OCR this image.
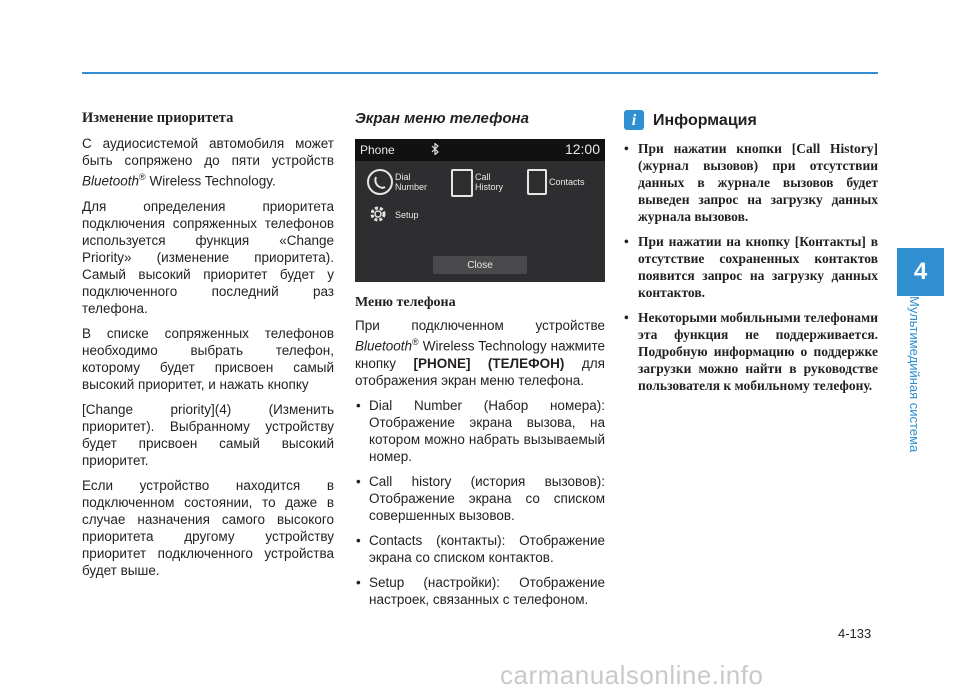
4
Мультимедийная система
Изменение приоритета

С аудиосистемой автомобиля может быть сопряжено до пяти устройств Bluetooth® Wireless Technology.

Для определения приоритета подключения сопряженных телефонов используется функция «Change Priority» (изменение приоритета). Самый высокий приоритет будет у подключенного последний раз телефона.

В списке сопряженных телефонов необходимо выбрать телефон, которому будет присвоен самый высокий приоритет, и нажать кнопку

[Change priority](4) (Изменить приоритет). Выбранному устройству будет присвоен самый высокий приоритет.

Если устройство находится в подключенном состоянии, то даже в случае назначения самого высокого приоритета другому устройству приоритет подключенного устройства будет выше.

Экран меню телефона
Phone	12:00
Dial
Number
Call
History	Contacts
Setup
Close
Меню телефона

При подключенном устройстве Bluetooth® Wireless Technology нажмите кнопку [PHONE] (ТЕЛЕФОН) для отображения экран меню телефона.

• Dial Number (Набор номера): Отображение экрана вызова, на котором можно набрать вызываемый номер.
• Call history (история вызовов): Отображение экрана со списком совершенных вызовов.
• Contacts (контакты): Отображение экрана со списком контактов.
• Setup (настройки): Отображение настроек, связанных с телефоном.
i	Информация
• При нажатии кнопки [Call History] (журнал вызовов) при отсутствии данных в журнале вызовов будет выведен запрос на загрузку данных журнала вызовов.
• При нажатии на кнопку [Контакты] в отсутствие сохраненных контактов появится запрос на загрузку данных контактов.
• Некоторыми мобильными телефонами эта функция не поддерживается. Подробную информацию о поддержке загрузки можно найти в руководстве пользователя к мобильному телефону.
4-133
carmanualsonline.info
